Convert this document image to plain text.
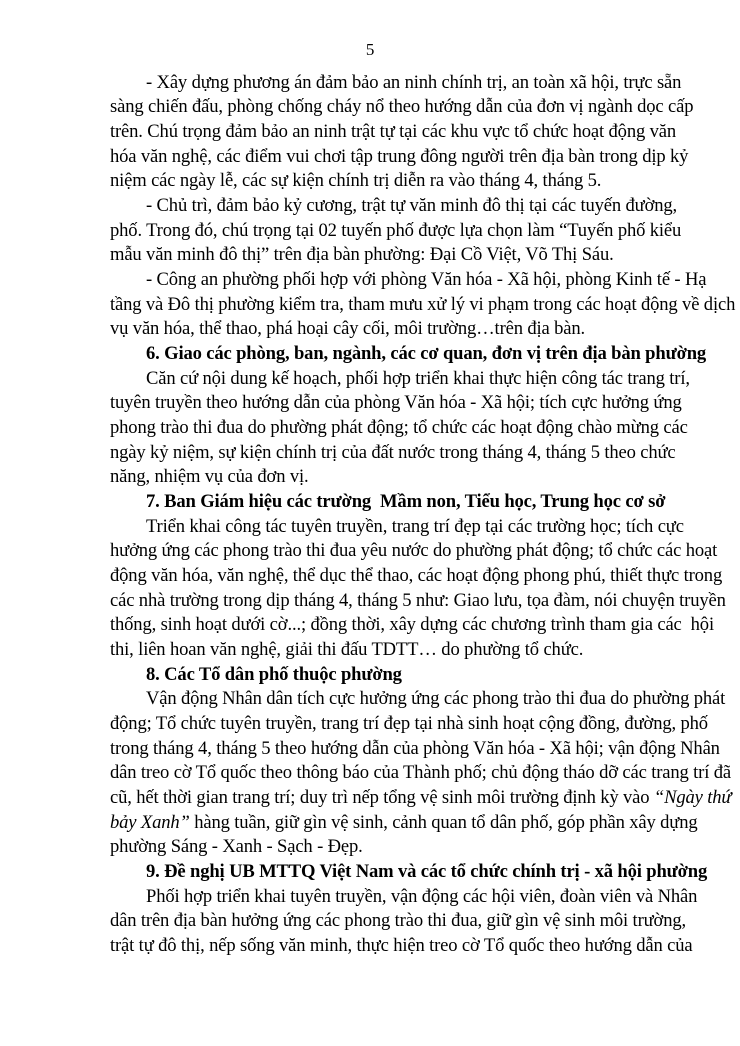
5
- Xây dựng phương án đảm bảo an ninh chính trị, an toàn xã hội, trực sẵn
sàng chiến đấu, phòng chống cháy nổ theo hướng dẫn của đơn vị ngành dọc cấp
trên. Chú trọng đảm bảo an ninh trật tự tại các khu vực tổ chức hoạt động văn
hóa văn nghệ, các điểm vui chơi tập trung đông người trên địa bàn trong dịp kỷ
niệm các ngày lễ, các sự kiện chính trị diễn ra vào tháng 4, tháng 5.
- Chủ trì, đảm bảo kỷ cương, trật tự văn minh đô thị tại các tuyến đường,
phố. Trong đó, chú trọng tại 02 tuyến phố được lựa chọn làm “Tuyến phố kiểu
mẫu văn minh đô thị” trên địa bàn phường: Đại Cồ Việt, Võ Thị Sáu.
- Công an phường phối hợp với phòng Văn hóa - Xã hội, phòng Kinh tế - Hạ
tầng và Đô thị phường kiểm tra, tham mưu xử lý vi phạm trong các hoạt động về dịch
vụ văn hóa, thể thao, phá hoại cây cối, môi trường…trên địa bàn.
6. Giao các phòng, ban, ngành, các cơ quan, đơn vị trên địa bàn phường
Căn cứ nội dung kế hoạch, phối hợp triển khai thực hiện công tác trang trí,
tuyên truyền theo hướng dẫn của phòng Văn hóa - Xã hội; tích cực hưởng ứng
phong trào thi đua do phường phát động; tổ chức các hoạt động chào mừng các
ngày kỷ niệm, sự kiện chính trị của đất nước trong tháng 4, tháng 5 theo chức
năng, nhiệm vụ của đơn vị.
7. Ban Giám hiệu các trường  Mầm non, Tiểu học, Trung học cơ sở
Triển khai công tác tuyên truyền, trang trí đẹp tại các trường học; tích cực
hưởng ứng các phong trào thi đua yêu nước do phường phát động; tổ chức các hoạt
động văn hóa, văn nghệ, thể dục thể thao, các hoạt động phong phú, thiết thực trong
các nhà trường trong dịp tháng 4, tháng 5 như: Giao lưu, tọa đàm, nói chuyện truyền
thống, sinh hoạt dưới cờ...; đồng thời, xây dựng các chương trình tham gia các  hội
thi, liên hoan văn nghệ, giải thi đấu TDTT… do phường tổ chức.
8. Các Tổ dân phố thuộc phường
Vận động Nhân dân tích cực hưởng ứng các phong trào thi đua do phường phát
động; Tổ chức tuyên truyền, trang trí đẹp tại nhà sinh hoạt cộng đồng, đường, phố
trong tháng 4, tháng 5 theo hướng dẫn của phòng Văn hóa - Xã hội; vận động Nhân
dân treo cờ Tổ quốc theo thông báo của Thành phố; chủ động tháo dỡ các trang trí đã
cũ, hết thời gian trang trí; duy trì nếp tổng vệ sinh môi trường định kỳ vào “Ngày thứ
bảy Xanh” hàng tuần, giữ gìn vệ sinh, cảnh quan tổ dân phố, góp phần xây dựng
phường Sáng - Xanh - Sạch - Đẹp.
9. Đề nghị UB MTTQ Việt Nam và các tổ chức chính trị - xã hội phường
Phối hợp triển khai tuyên truyền, vận động các hội viên, đoàn viên và Nhân
dân trên địa bàn hưởng ứng các phong trào thi đua, giữ gìn vệ sinh môi trường,
trật tự đô thị, nếp sống văn minh, thực hiện treo cờ Tổ quốc theo hướng dẫn của
